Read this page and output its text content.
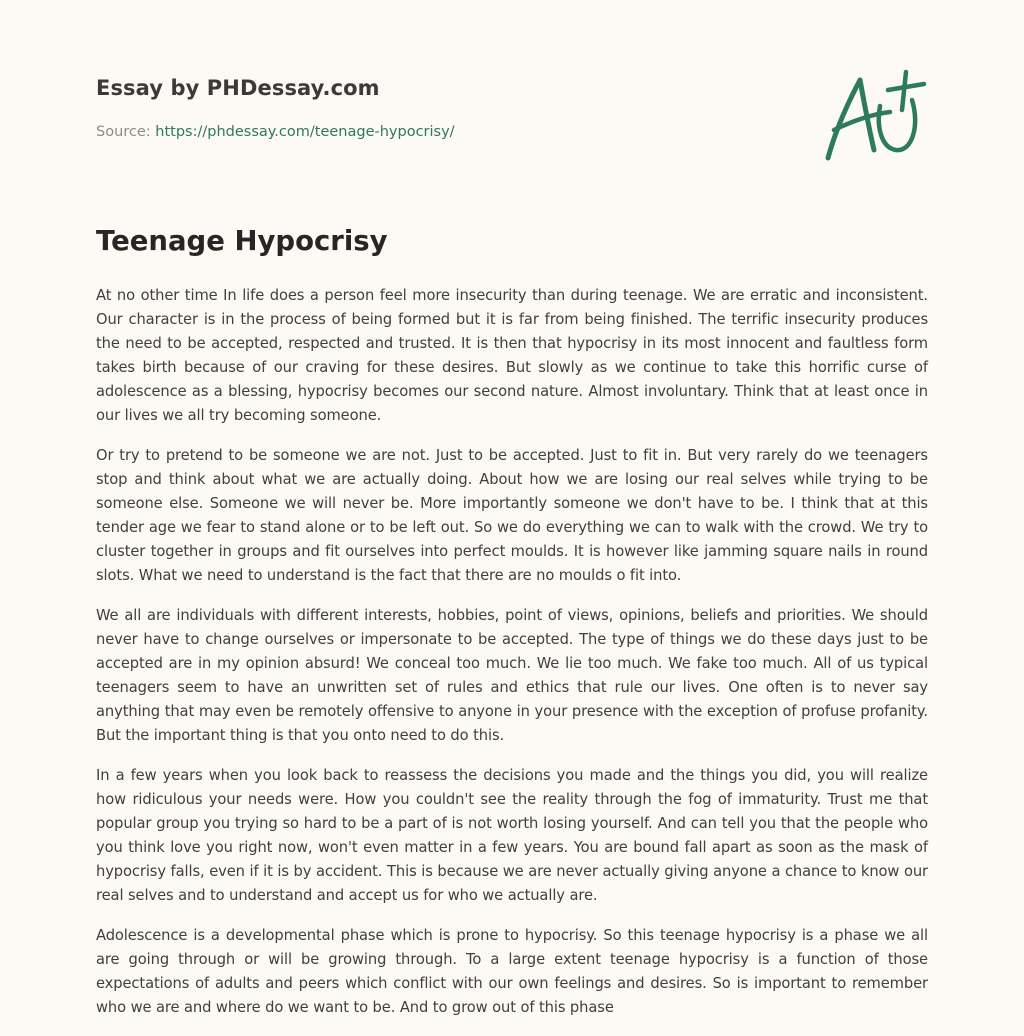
Essay by PHDessay.com
Source: https://phdessay.com/teenage-hypocrisy/
Teenage Hypocrisy

At no other time In life does a person feel more insecurity than during teenage. We are erratic and inconsistent. Our character is in the process of being formed but it is far from being finished. The terrific insecurity produces the need to be accepted, respected and trusted. It is then that hypocrisy in its most innocent and faultless form takes birth because of our craving for these desires. But slowly as we continue to take this horrific curse of adolescence as a blessing, hypocrisy becomes our second nature. Almost involuntary. Think that at least once in our lives we all try becoming someone.

Or try to pretend to be someone we are not. Just to be accepted. Just to fit in. But very rarely do we teenagers stop and think about what we are actually doing. About how we are losing our real selves while trying to be someone else. Someone we will never be. More importantly someone we don't have to be. I think that at this tender age we fear to stand alone or to be left out. So we do everything we can to walk with the crowd. We try to cluster together in groups and fit ourselves into perfect moulds. It is however like jamming square nails in round slots. What we need to understand is the fact that there are no moulds o fit into.

We all are individuals with different interests, hobbies, point of views, opinions, beliefs and priorities. We should never have to change ourselves or impersonate to be accepted. The type of things we do these days just to be accepted are in my opinion absurd! We conceal too much. We lie too much. We fake too much. All of us typical teenagers seem to have an unwritten set of rules and ethics that rule our lives. One often is to never say anything that may even be remotely offensive to anyone in your presence with the exception of profuse profanity. But the important thing is that you onto need to do this.

In a few years when you look back to reassess the decisions you made and the things you did, you will realize how ridiculous your needs were. How you couldn't see the reality through the fog of immaturity. Trust me that popular group you trying so hard to be a part of is not worth losing yourself. And can tell you that the people who you think love you right now, won't even matter in a few years. You are bound fall apart as soon as the mask of hypocrisy falls, even if it is by accident. This is because we are never actually giving anyone a chance to know our real selves and to understand and accept us for who we actually are.

Adolescence is a developmental phase which is prone to hypocrisy. So this teenage hypocrisy is a phase we all are going through or will be growing through. To a large extent teenage hypocrisy is a function of those expectations of adults and peers which conflict with our own feelings and desires. So is important to remember who we are and where do we want to be. And to grow out of this phase
